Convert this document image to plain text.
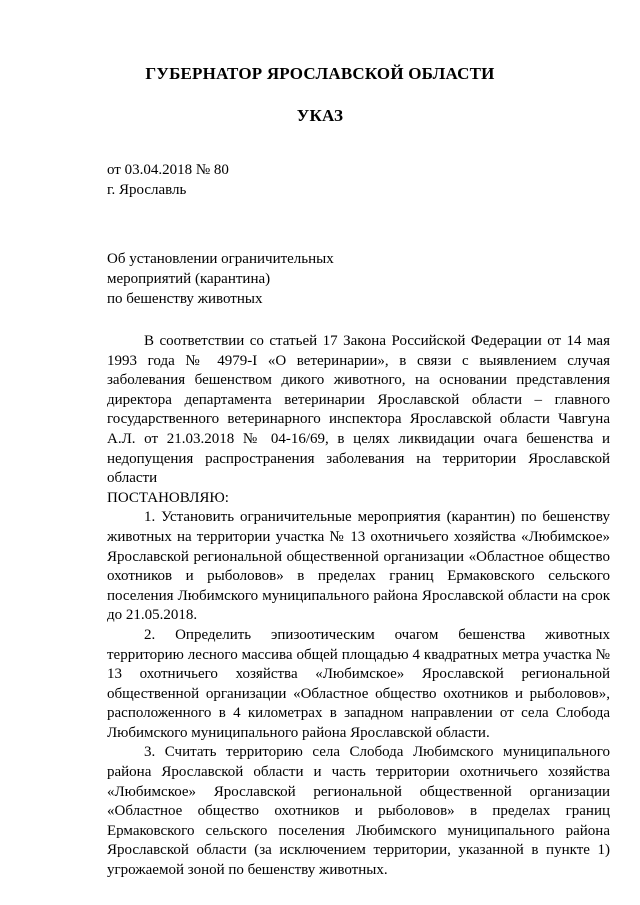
ГУБЕРНАТОР ЯРОСЛАВСКОЙ ОБЛАСТИ
УКАЗ
от 03.04.2018 № 80
г. Ярославль
Об установлении ограничительных
мероприятий (карантина)
по бешенству животных

В соответствии со статьей 17 Закона Российской Федерации от 14 мая 1993 года № 4979-I «О ветеринарии», в связи с выявлением случая заболевания бешенством дикого животного, на основании представления директора департамента ветеринарии Ярославской области – главного государственного ветеринарного инспектора Ярославской области Чавгуна А.Л. от 21.03.2018 № 04-16/69, в целях ликвидации очага бешенства и недопущения распространения заболевания на территории Ярославской области

ПОСТАНОВЛЯЮ:

1. Установить ограничительные мероприятия (карантин) по бешенству животных на территории участка № 13 охотничьего хозяйства «Любимское» Ярославской региональной общественной организации «Областное общество охотников и рыболовов» в пределах границ Ермаковского сельского поселения Любимского муниципального района Ярославской области на срок до 21.05.2018.

2. Определить эпизоотическим очагом бешенства животных территорию лесного массива общей площадью 4 квадратных метра участка № 13 охотничьего хозяйства «Любимское» Ярославской региональной общественной организации «Областное общество охотников и рыболовов», расположенного в 4 километрах в западном направлении от села Слобода Любимского муниципального района Ярославской области.

3. Считать территорию села Слобода Любимского муниципального района Ярославской области и часть территории охотничьего хозяйства «Любимское» Ярославской региональной общественной организации «Областное общество охотников и рыболовов» в пределах границ Ермаковского сельского поселения Любимского муниципального района Ярославской области (за исключением территории, указанной в пункте 1) угрожаемой зоной по бешенству животных.
